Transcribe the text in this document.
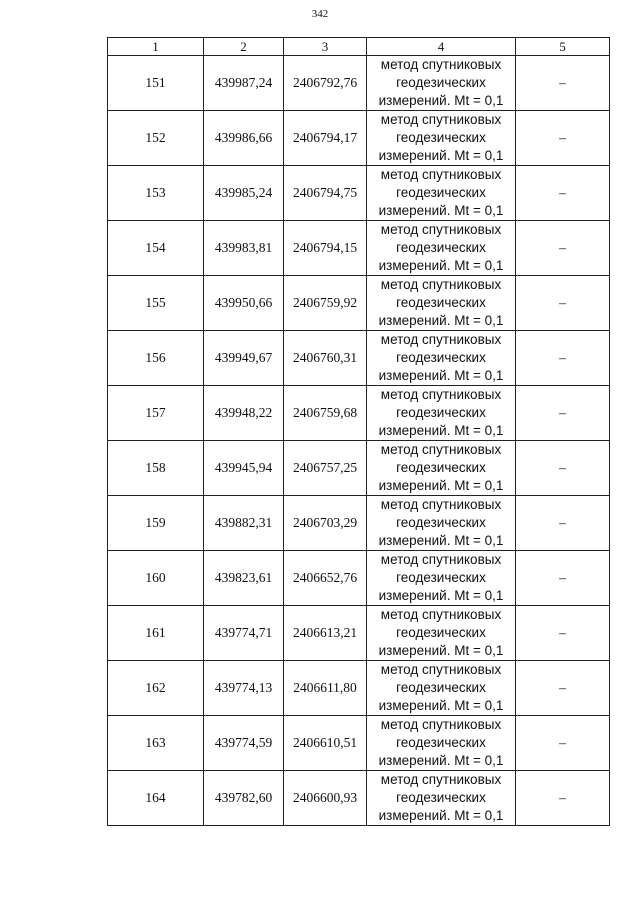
342
1	2	3	4	5
151	439987,24	2406792,76	метод спутниковых
геодезических
измерений. Mt = 0,1	–
152	439986,66	2406794,17	метод спутниковых
геодезических
измерений. Mt = 0,1	–
153	439985,24	2406794,75	метод спутниковых
геодезических
измерений. Mt = 0,1	–
154	439983,81	2406794,15	метод спутниковых
геодезических
измерений. Mt = 0,1	–
155	439950,66	2406759,92	метод спутниковых
геодезических
измерений. Mt = 0,1	–
156	439949,67	2406760,31	метод спутниковых
геодезических
измерений. Mt = 0,1	–
157	439948,22	2406759,68	метод спутниковых
геодезических
измерений. Mt = 0,1	–
158	439945,94	2406757,25	метод спутниковых
геодезических
измерений. Mt = 0,1	–
159	439882,31	2406703,29	метод спутниковых
геодезических
измерений. Mt = 0,1	–
160	439823,61	2406652,76	метод спутниковых
геодезических
измерений. Mt = 0,1	–
161	439774,71	2406613,21	метод спутниковых
геодезических
измерений. Mt = 0,1	–
162	439774,13	2406611,80	метод спутниковых
геодезических
измерений. Mt = 0,1	–
163	439774,59	2406610,51	метод спутниковых
геодезических
измерений. Mt = 0,1	–
164	439782,60	2406600,93	метод спутниковых
геодезических
измерений. Mt = 0,1	–
